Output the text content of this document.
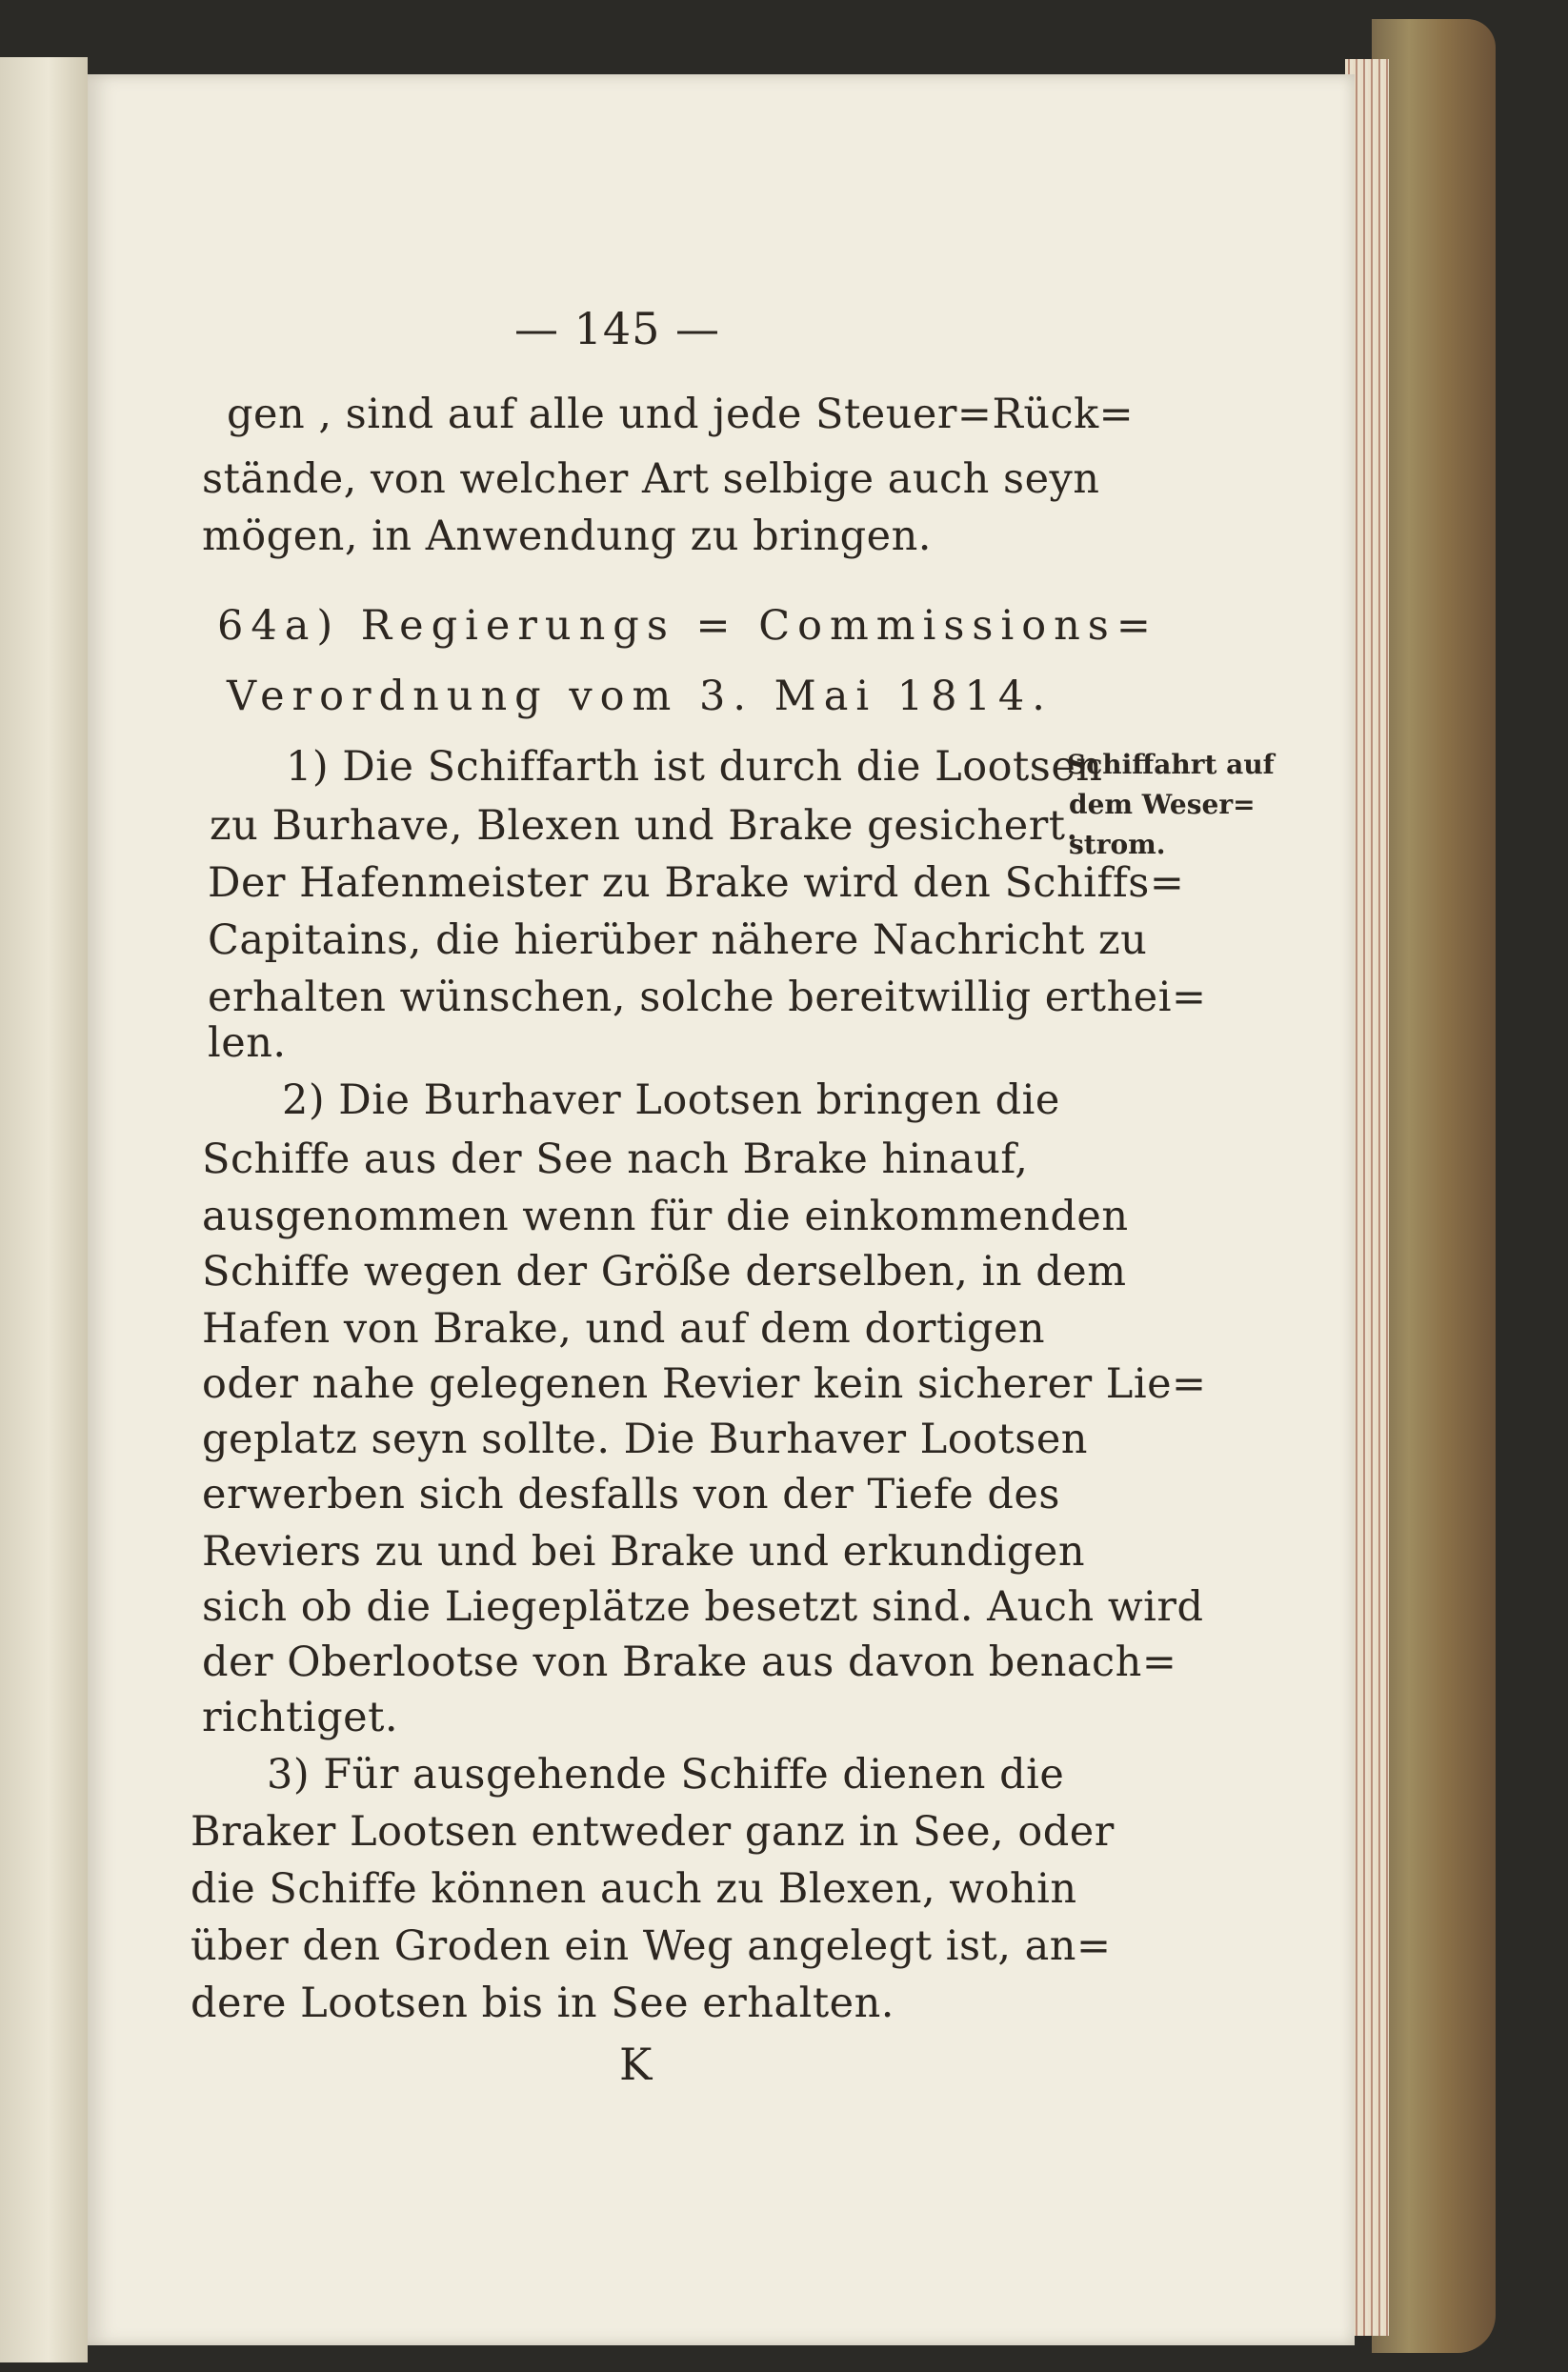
— 145 —
gen , sind auf alle und jede Steuer=Rück=
stände, von welcher Art selbige auch seyn
mögen, in Anwendung zu bringen.
64a) Regierungs = Commissions=
Verordnung vom 3. Mai 1814.
1) Die Schiffarth ist durch die Lootsen
zu Burhave, Blexen und Brake gesichert.
Der Hafenmeister zu Brake wird den Schiffs=
Capitains, die hierüber nähere Nachricht zu
erhalten wünschen, solche bereitwillig erthei=
len.
2) Die Burhaver Lootsen bringen die
Schiffe aus der See nach Brake hinauf,
ausgenommen wenn für die einkommenden
Schiffe wegen der Größe derselben, in dem
Hafen von Brake, und auf dem dortigen
oder nahe gelegenen Revier kein sicherer Lie=
geplatz seyn sollte. Die Burhaver Lootsen
erwerben sich desfalls von der Tiefe des
Reviers zu und bei Brake und erkundigen
sich ob die Liegeplätze besetzt sind. Auch wird
der Oberlootse von Brake aus davon benach=
richtiget.
3) Für ausgehende Schiffe dienen die
Braker Lootsen entweder ganz in See, oder
die Schiffe können auch zu Blexen, wohin
über den Groden ein Weg angelegt ist, an=
dere Lootsen bis in See erhalten.
K
Schiffahrt auf
dem Weser=
strom.
